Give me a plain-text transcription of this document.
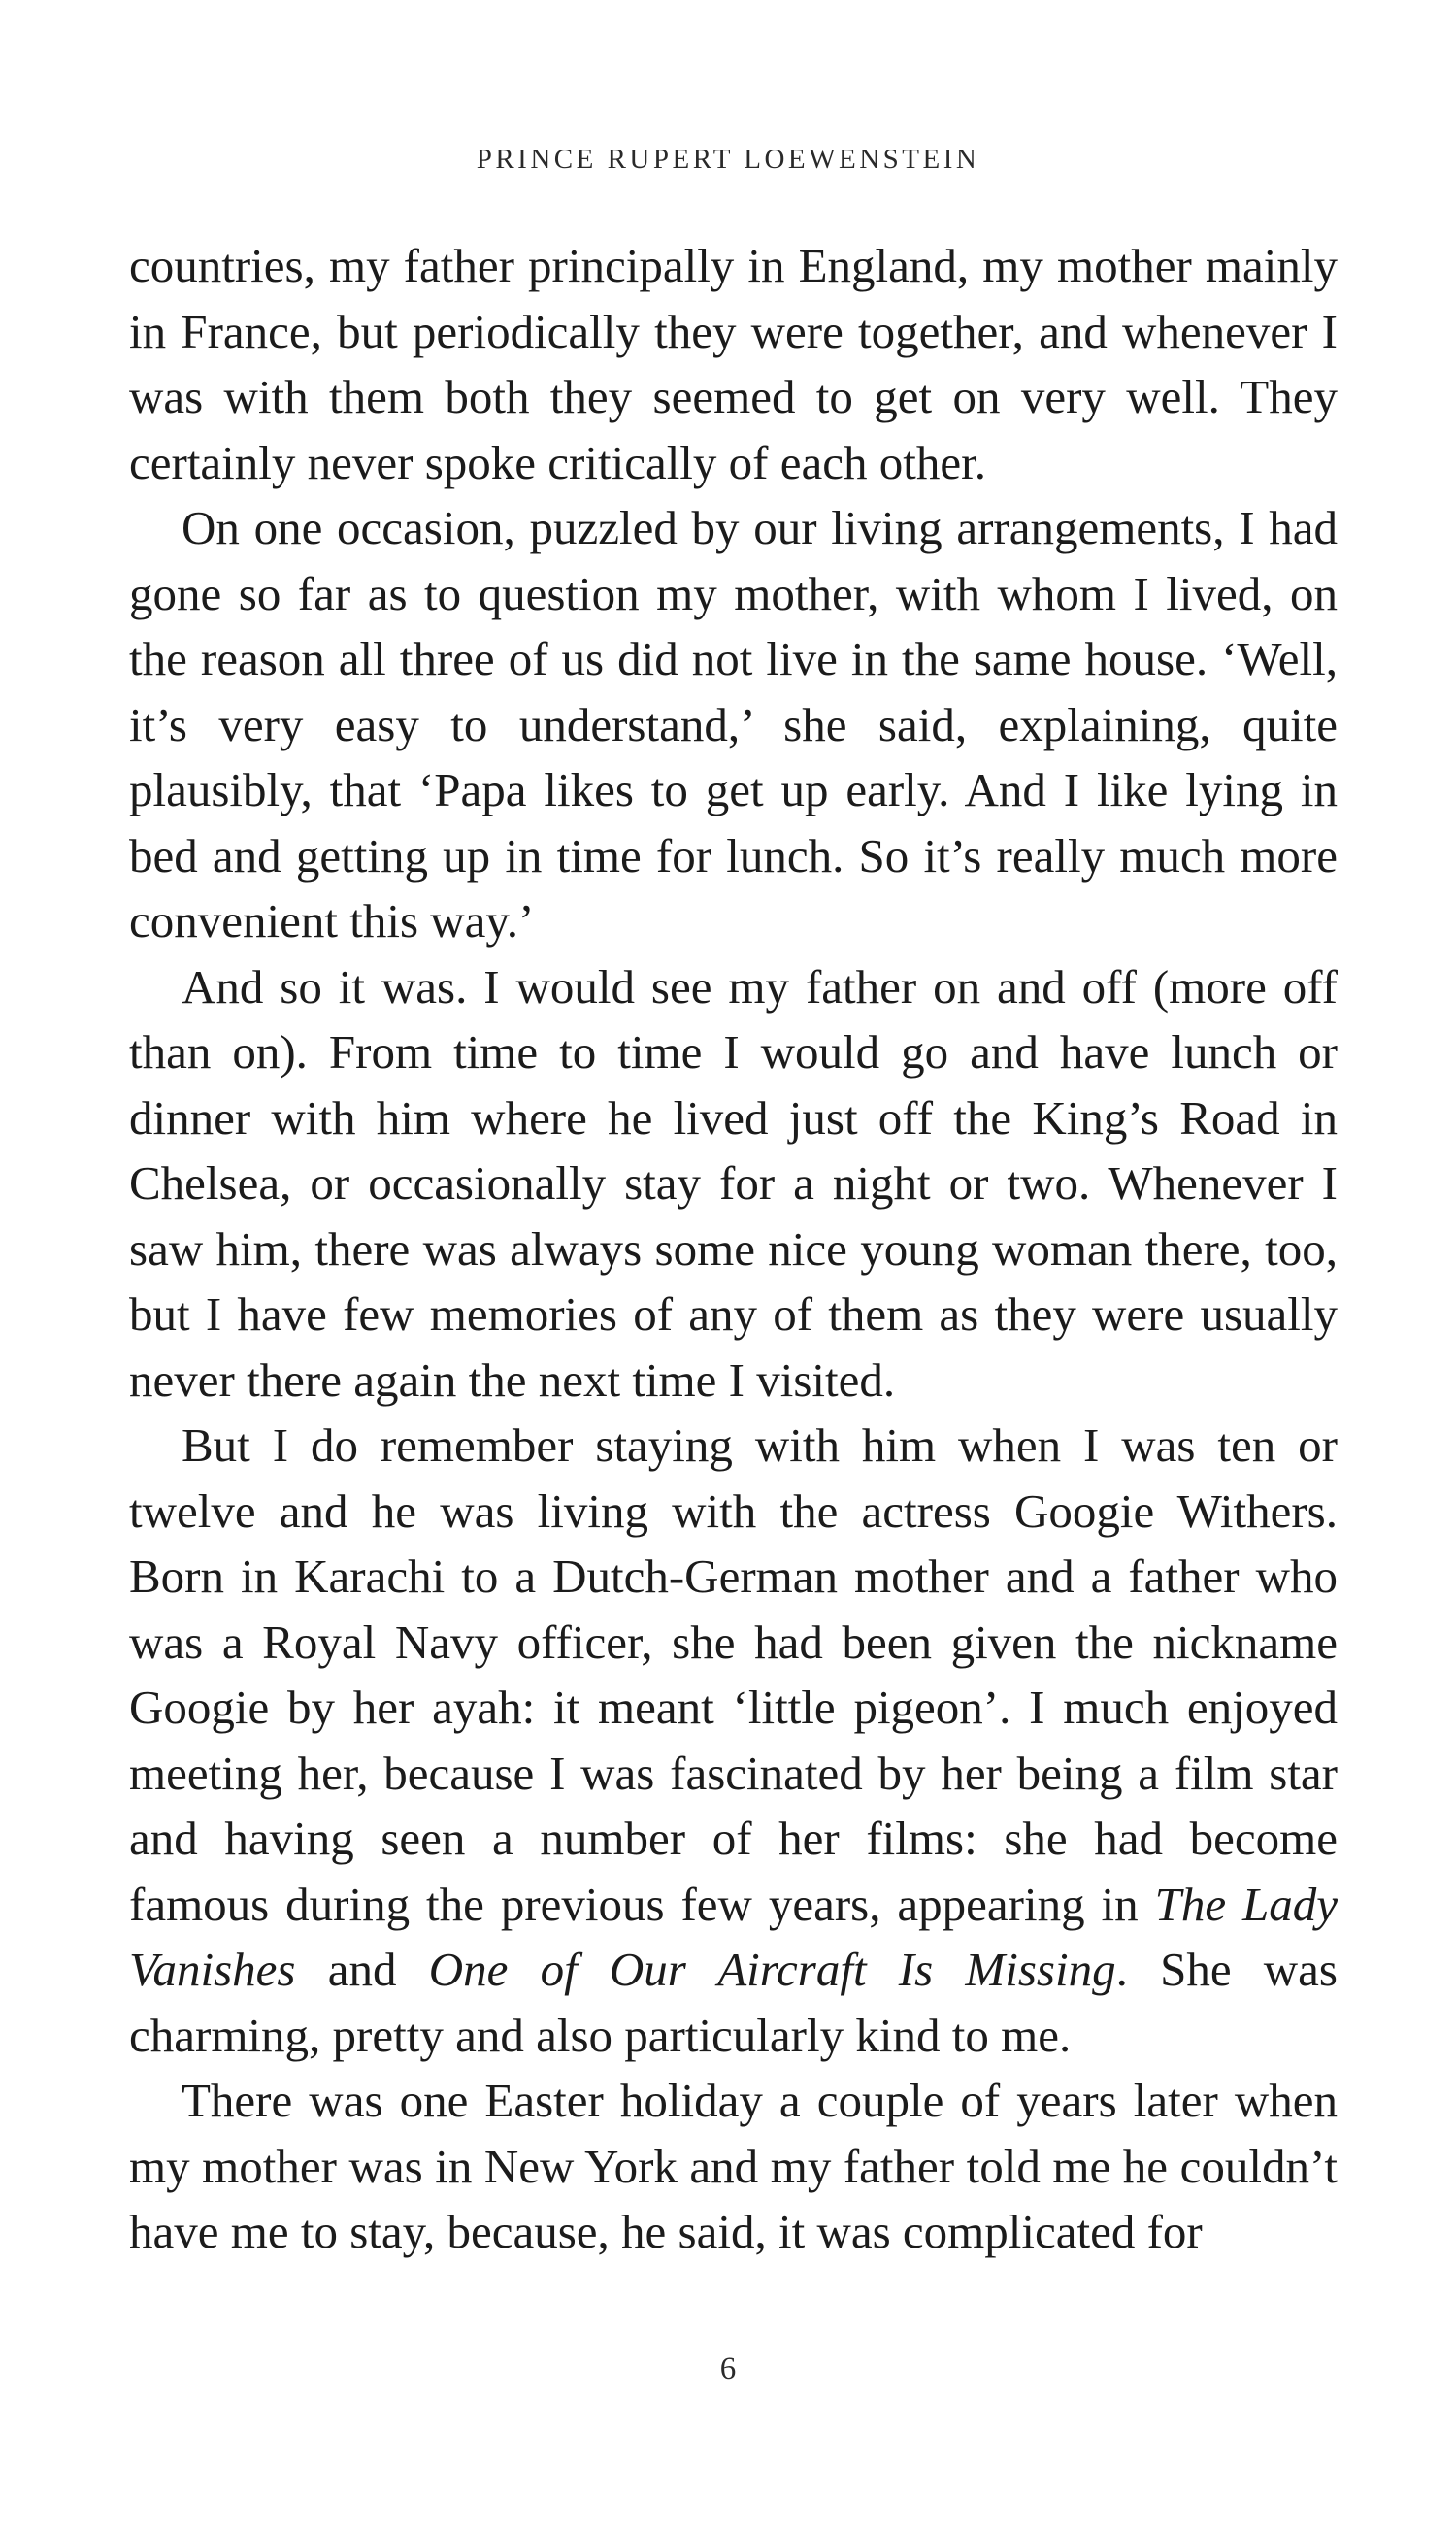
PRINCE RUPERT LOEWENSTEIN

countries, my father principally in England, my mother mainly in France, but periodically they were together, and whenever I was with them both they seemed to get on very well. They certainly never spoke critically of each other.

On one occasion, puzzled by our living arrangements, I had gone so far as to question my mother, with whom I lived, on the reason all three of us did not live in the same house. ‘Well, it’s very easy to understand,’ she said, explaining, quite plausibly, that ‘Papa likes to get up early. And I like lying in bed and getting up in time for lunch. So it’s really much more convenient this way.’

And so it was. I would see my father on and off (more off than on). From time to time I would go and have lunch or dinner with him where he lived just off the King’s Road in Chelsea, or occasionally stay for a night or two. Whenever I saw him, there was always some nice young woman there, too, but I have few memories of any of them as they were usually never there again the next time I visited.

But I do remember staying with him when I was ten or twelve and he was living with the actress Googie Withers. Born in Karachi to a Dutch-German mother and a father who was a Royal Navy officer, she had been given the nickname Googie by her ayah: it meant ‘little pigeon’. I much enjoyed meeting her, because I was fascinated by her being a film star and having seen a number of her films: she had become famous during the previous few years, appearing in The Lady Vanishes and One of Our Aircraft Is Missing. She was charming, pretty and also particularly kind to me.

There was one Easter holiday a couple of years later when my mother was in New York and my father told me he couldn’t have me to stay, because, he said, it was complicated for

6
